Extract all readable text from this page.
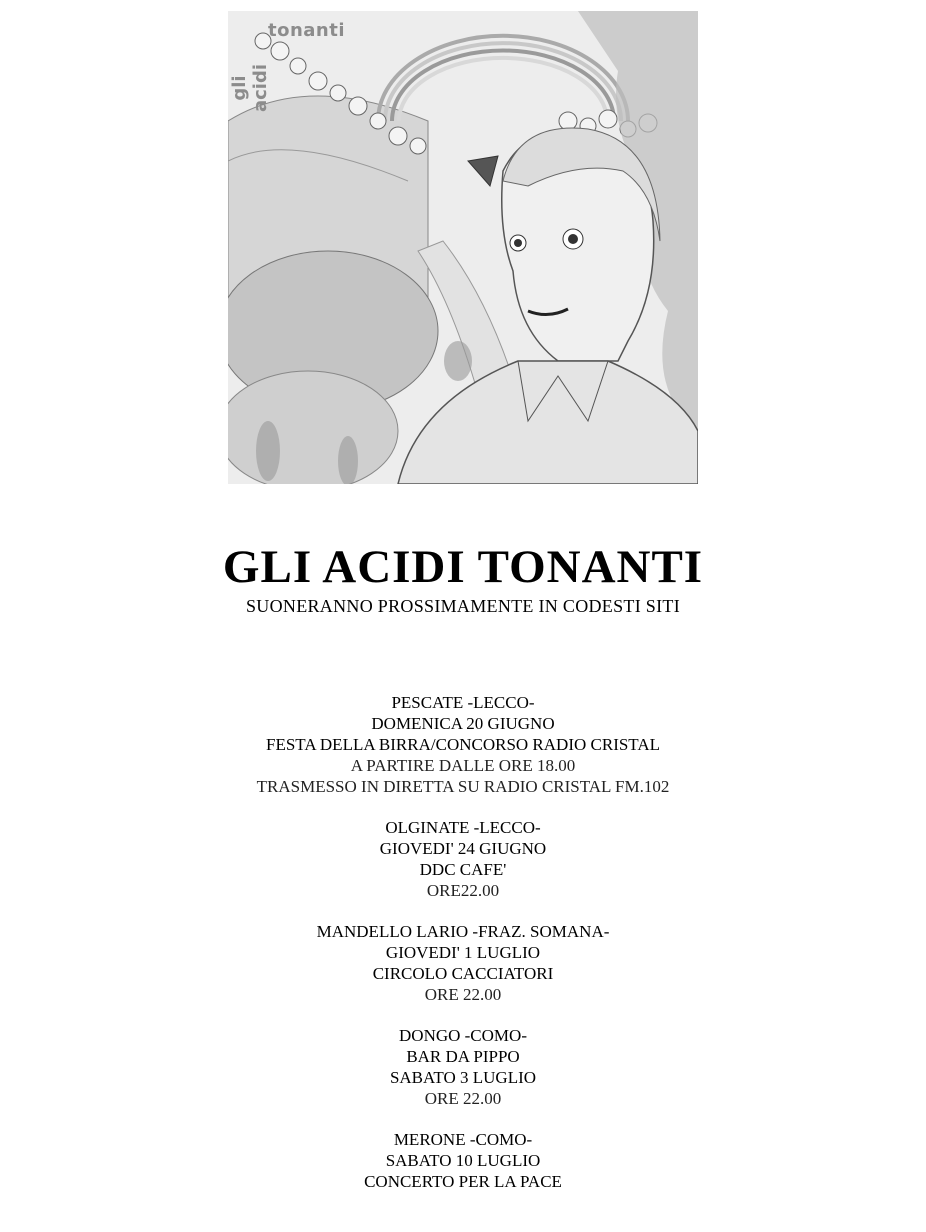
tonanti
gli acidi
GLI ACIDI TONANTI
SUONERANNO PROSSIMAMENTE IN CODESTI SITI
PESCATE -LECCO-
DOMENICA 20 GIUGNO
FESTA DELLA BIRRA/CONCORSO RADIO CRISTAL
A PARTIRE DALLE ORE 18.00
TRASMESSO IN DIRETTA SU RADIO CRISTAL FM.102
OLGINATE -LECCO-
GIOVEDI' 24 GIUGNO
DDC CAFE'
ORE22.00
MANDELLO LARIO -FRAZ. SOMANA-
GIOVEDI' 1 LUGLIO
CIRCOLO CACCIATORI
ORE 22.00
DONGO -COMO-
BAR DA PIPPO
SABATO 3 LUGLIO
ORE 22.00
MERONE -COMO-
SABATO 10 LUGLIO
CONCERTO PER LA PACE
